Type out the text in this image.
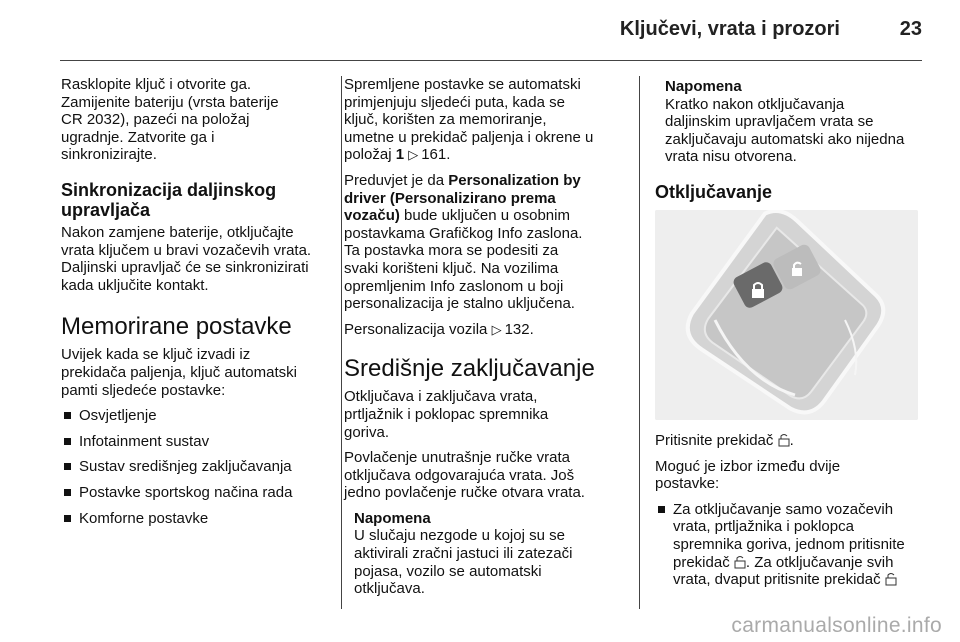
Ključevi, vrata i prozori	23

Rasklopite ključ i otvorite ga.
Zamijenite bateriju (vrsta baterije
CR 2032), pazeći na položaj
ugradnje. Zatvorite ga i
sinkronizirajte.

Sinkronizacija daljinskog
upravljača

Nakon zamjene baterije, otključajte
vrata ključem u bravi vozačevih vrata.
Daljinski upravljač će se sinkronizirati
kada uključite kontakt.

Memorirane postavke

Uvijek kada se ključ izvadi iz
prekidača paljenja, ključ automatski
pamti sljedeće postavke:

Osvjetljenje
Infotainment sustav
Sustav središnjeg zaključavanja
Postavke sportskog načina rada
Komforne postavke

Spremljene postavke se automatski
primjenjuju sljedeći puta, kada se
ključ, korišten za memoriranje,
umetne u prekidač paljenja i okrene u
položaj 1 ▷ 161.

Preduvjet je da Personalization by
driver (Personalizirano prema
vozaču) bude uključen u osobnim
postavkama Grafičkog Info zaslona.
Ta postavka mora se podesiti za
svaki korišteni ključ. Na vozilima
opremljenim Info zaslonom u boji
personalizacija je stalno uključena.

Personalizacija vozila ▷ 132.

Središnje zaključavanje

Otključava i zaključava vrata,
prtljažnik i poklopac spremnika
goriva.

Povlačenje unutrašnje ručke vrata
otključava odgovarajuća vrata. Još
jedno povlačenje ručke otvara vrata.

Napomena
U slučaju nezgode u kojoj su se
aktivirali zračni jastuci ili zatezači
pojasa, vozilo se automatski
otključava.
Napomena
Kratko nakon otključavanja
daljinskim upravljačem vrata se
zaključavaju automatski ako nijedna
vrata nisu otvorena.
Otključavanje

Pritisnite prekidač .

Moguć je izbor između dvije
postavke:

Za otključavanje samo vozačevih
vrata, prtljažnika i poklopca
spremnika goriva, jednom pritisnite
prekidač . Za otključavanje svih
vrata, dvaput pritisnite prekidač
carmanualsonline.info
